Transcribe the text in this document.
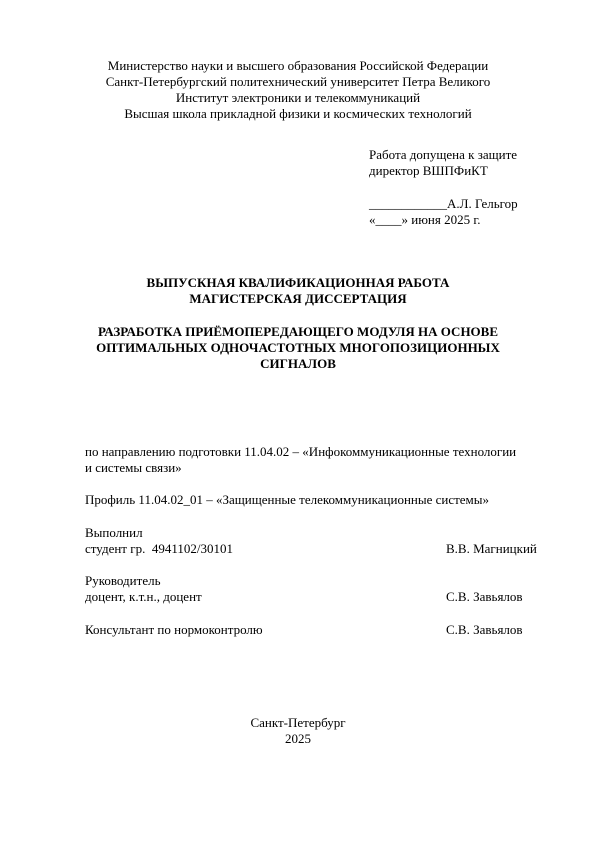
Министерство науки и высшего образования Российской Федерации
Санкт-Петербургский политехнический университет Петра Великого
Институт электроники и телекоммуникаций
Высшая школа прикладной физики и космических технологий
Работа допущена к защите
директор ВШПФиКТ
____________А.Л. Гельгор
«____» июня 2025 г.
ВЫПУСКНАЯ КВАЛИФИКАЦИОННАЯ РАБОТА
МАГИСТЕРСКАЯ ДИССЕРТАЦИЯ
РАЗРАБОТКА ПРИЁМОПЕРЕДАЮЩЕГО МОДУЛЯ НА ОСНОВЕ
ОПТИМАЛЬНЫХ ОДНОЧАСТОТНЫХ МНОГОПОЗИЦИОННЫХ
СИГНАЛОВ
по направлению подготовки 11.04.02 – «Инфокоммуникационные технологии
и системы связи»
Профиль 11.04.02_01 – «Защищенные телекоммуникационные системы»
Выполнил
студент гр.  4941102/30101	В.В. Магницкий
Руководитель
доцент, к.т.н., доцент	С.В. Завьялов
Консультант по нормоконтролю	С.В. Завьялов
Санкт-Петербург
2025
